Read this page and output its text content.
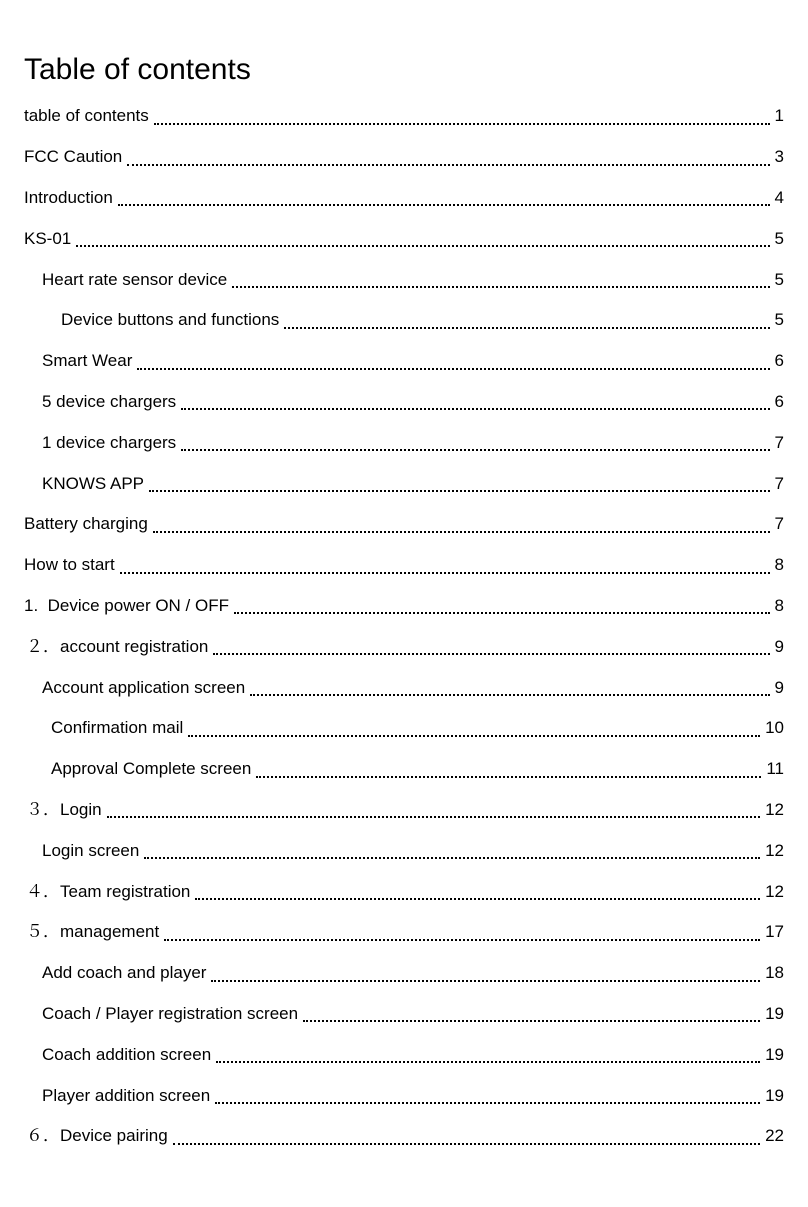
Table of contents
table of contents	1
FCC Caution	3
Introduction	4
KS-01	5
Heart rate sensor device	5
Device buttons and functions	5
Smart Wear	6
5 device chargers	6
1 device chargers	7
KNOWS APP	7
Battery charging	7
How to start	8
1.  Device power ON / OFF	8
２．account registration	9
Account application screen	9
Confirmation mail	10
Approval Complete screen	11
３．Login	12
Login screen	12
４．Team registration	12
５．management	17
Add coach and player	18
Coach / Player registration screen	19
Coach addition screen	19
Player addition screen	19
６．Device pairing	22
